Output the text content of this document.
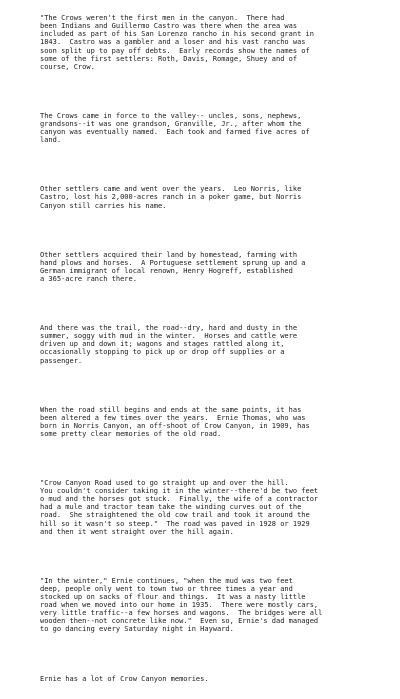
"The Crows weren't the first men in the canyon.  There had
been Indians and Guillermo Castro was there when the area was
included as part of his San Lorenzo rancho in his second grant in
1843.  Castro was a gambler and a loser and his vast rancho was
soon split up to pay off debts.  Early records show the names of
some of the first settlers: Roth, Davis, Romage, Shuey and of
course, Crow.

The Crows came in force to the valley-- uncles, sons, nephews,
grandsons--it was one grandson, Granville, Jr., after whom the
canyon was eventually named.  Each took and farmed five acres of
land.

Other settlers came and went over the years.  Leo Norris, like
Castro, lost his 2,000-acres ranch in a poker game, but Norris
Canyon still carries his name.

Other settlers acquired their land by homestead, farming with
hand plows and horses.  A Portuguese settlement sprung up and a
German immigrant of local renown, Henry Hogreff, established
a 365-acre ranch there.

And there was the trail, the road--dry, hard and dusty in the
summer, soggy with mud in the winter.  Horses and cattle were
driven up and down it; wagons and stages rattled along it,
occasionally stopping to pick up or drop off supplies or a
passenger.

When the road still begins and ends at the same points, it has
been altered a few times over the years.  Ernie Thomas, who was
born in Norris Canyon, an off-shoot of Crow Canyon, in 1909, has
some pretty clear memories of the old road.

"Crow Canyon Road used to go straight up and over the hill.
You couldn't consider taking it in the winter--there'd be two feet
o mud and the horses got stuck.  Finally, the wife of a contractor
had a mule and tractor team take the winding curves out of the
road.  She straightened the old cow trail and took it around the
hill so it wasn't so steep."  The road was paved in 1928 or 1929
and then it went straight over the hill again.

"In the winter," Ernie continues, "when the mud was two feet
deep, people only went to town two or three times a year and
stocked up on sacks of flour and things.  It was a nasty little
road when we moved into our home in 1935.  There were mostly cars,
very little traffic--a few horses and wagons.  The bridges were all
wooden then--not concrete like now."  Even so, Ernie's dad managed
to go dancing every Saturday night in Hayward.

Ernie has a lot of Crow Canyon memories.
